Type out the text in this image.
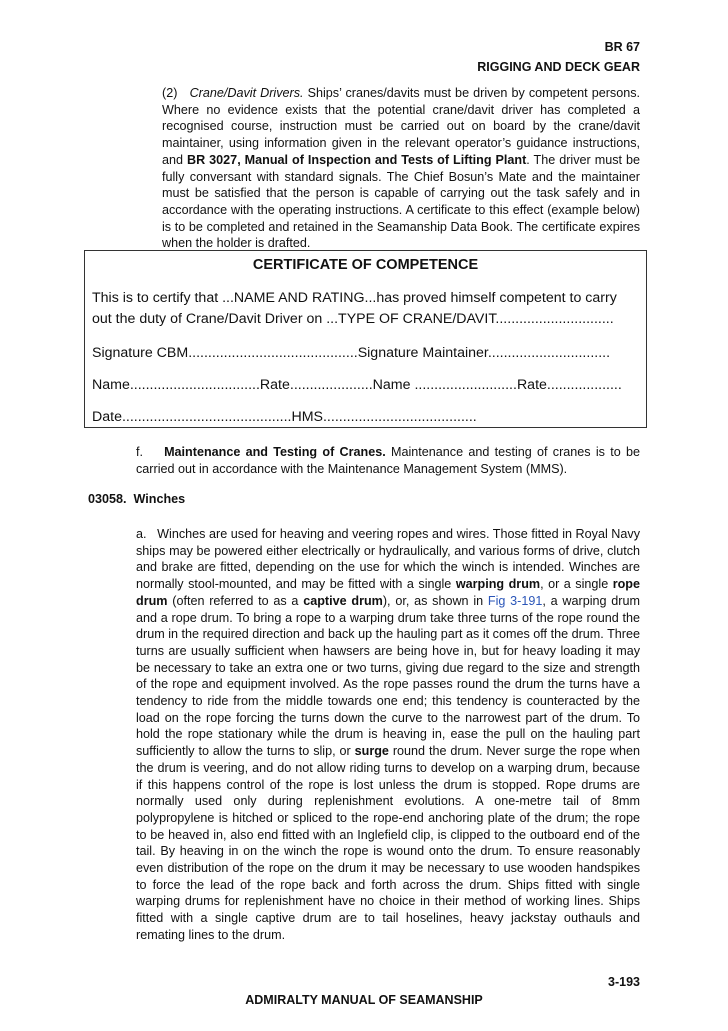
BR 67
RIGGING AND DECK GEAR
(2) Crane/Davit Drivers. Ships’ cranes/davits must be driven by competent persons. Where no evidence exists that the potential crane/davit driver has completed a recognised course, instruction must be carried out on board by the crane/davit maintainer, using information given in the relevant operator’s guidance instructions, and BR 3027, Manual of Inspection and Tests of Lifting Plant. The driver must be fully conversant with standard signals. The Chief Bosun’s Mate and the maintainer must be satisfied that the person is capable of carrying out the task safely and in accordance with the operating instructions. A certificate to this effect (example below) is to be completed and retained in the Seamanship Data Book. The certificate expires when the holder is drafted.
CERTIFICATE OF COMPETENCE
This is to certify that ...NAME AND RATING...has proved himself competent to carry
out the duty of Crane/Davit Driver on ...TYPE OF CRANE/DAVIT..............................
Signature CBM...........................................Signature Maintainer...............................
Name.................................Rate.....................Name ..........................Rate...................
Date...........................................HMS.......................................
f. Maintenance and Testing of Cranes. Maintenance and testing of cranes is to be carried out in accordance with the Maintenance Management System (MMS).
03058.  Winches
a. Winches are used for heaving and veering ropes and wires. Those fitted in Royal Navy ships may be powered either electrically or hydraulically, and various forms of drive, clutch and brake are fitted, depending on the use for which the winch is intended. Winches are normally stool-mounted, and may be fitted with a single warping drum, or a single rope drum (often referred to as a captive drum), or, as shown in Fig 3-191, a warping drum and a rope drum. To bring a rope to a warping drum take three turns of the rope round the drum in the required direction and back up the hauling part as it comes off the drum. Three turns are usually sufficient when hawsers are being hove in, but for heavy loading it may be necessary to take an extra one or two turns, giving due regard to the size and strength of the rope and equipment involved. As the rope passes round the drum the turns have a tendency to ride from the middle towards one end; this tendency is counteracted by the load on the rope forcing the turns down the curve to the narrowest part of the drum. To hold the rope stationary while the drum is heaving in, ease the pull on the hauling part sufficiently to allow the turns to slip, or surge round the drum. Never surge the rope when the drum is veering, and do not allow riding turns to develop on a warping drum, because if this happens control of the rope is lost unless the drum is stopped. Rope drums are normally used only during replenishment evolutions. A one-metre tail of 8mm polypropylene is hitched or spliced to the rope-end anchoring plate of the drum; the rope to be heaved in, also end fitted with an Inglefield clip, is clipped to the outboard end of the tail. By heaving in on the winch the rope is wound onto the drum. To ensure reasonably even distribution of the rope on the drum it may be necessary to use wooden handspikes to force the lead of the rope back and forth across the drum. Ships fitted with single warping drums for replenishment have no choice in their method of working lines. Ships fitted with a single captive drum are to tail hoselines, heavy jackstay outhauls and remating lines to the drum.
3-193
ADMIRALTY MANUAL OF SEAMANSHIP
